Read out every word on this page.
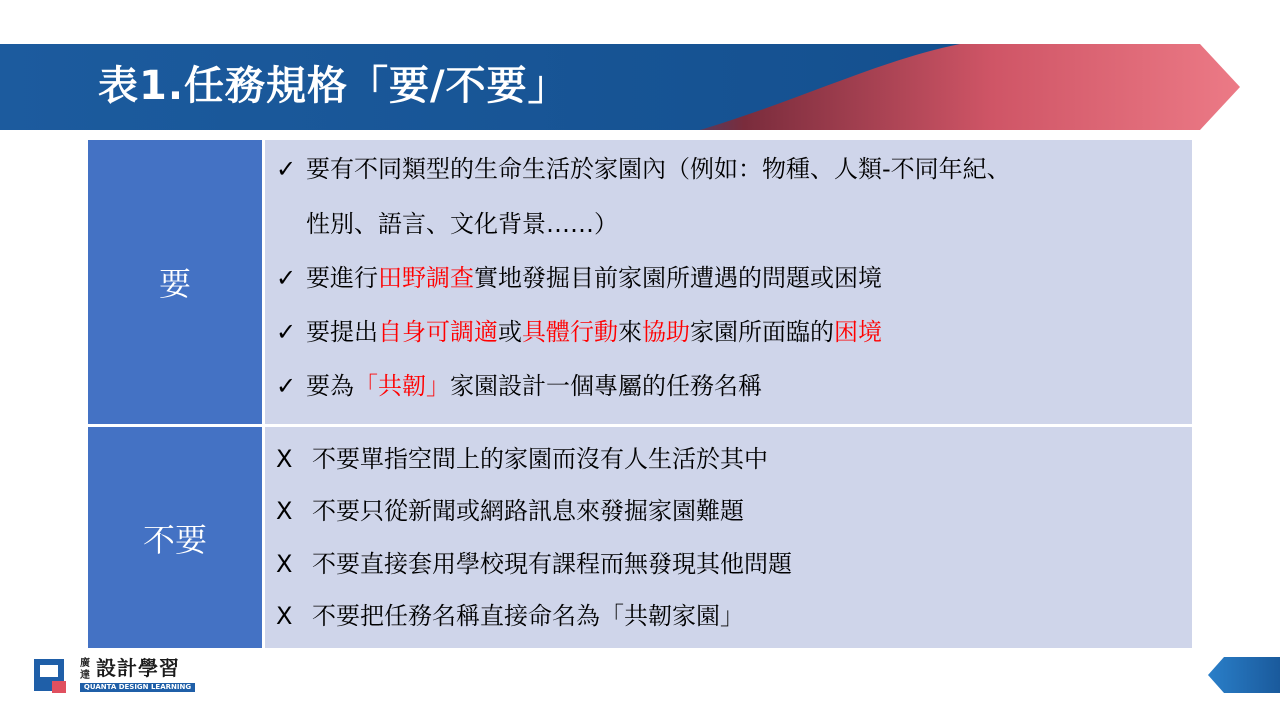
表1.任務規格「要/不要」
要
✓ 要有不同類型的生命生活於家園內（例如：物種、人類-不同年紀、
性別、語言、文化背景……）
✓ 要進行田野調查實地發掘目前家園所遭遇的問題或困境
✓ 要提出自身可調適或具體行動來協助家園所面臨的困境
✓ 要為「共韌」家園設計一個專屬的任務名稱
不要
X 不要單指空間上的家園而沒有人生活於其中
X 不要只從新聞或網路訊息來發掘家園難題
X 不要直接套用學校現有課程而無發現其他問題
X 不要把任務名稱直接命名為「共韌家園」
廣達 設計學習
QUANTA DESIGN LEARNING
